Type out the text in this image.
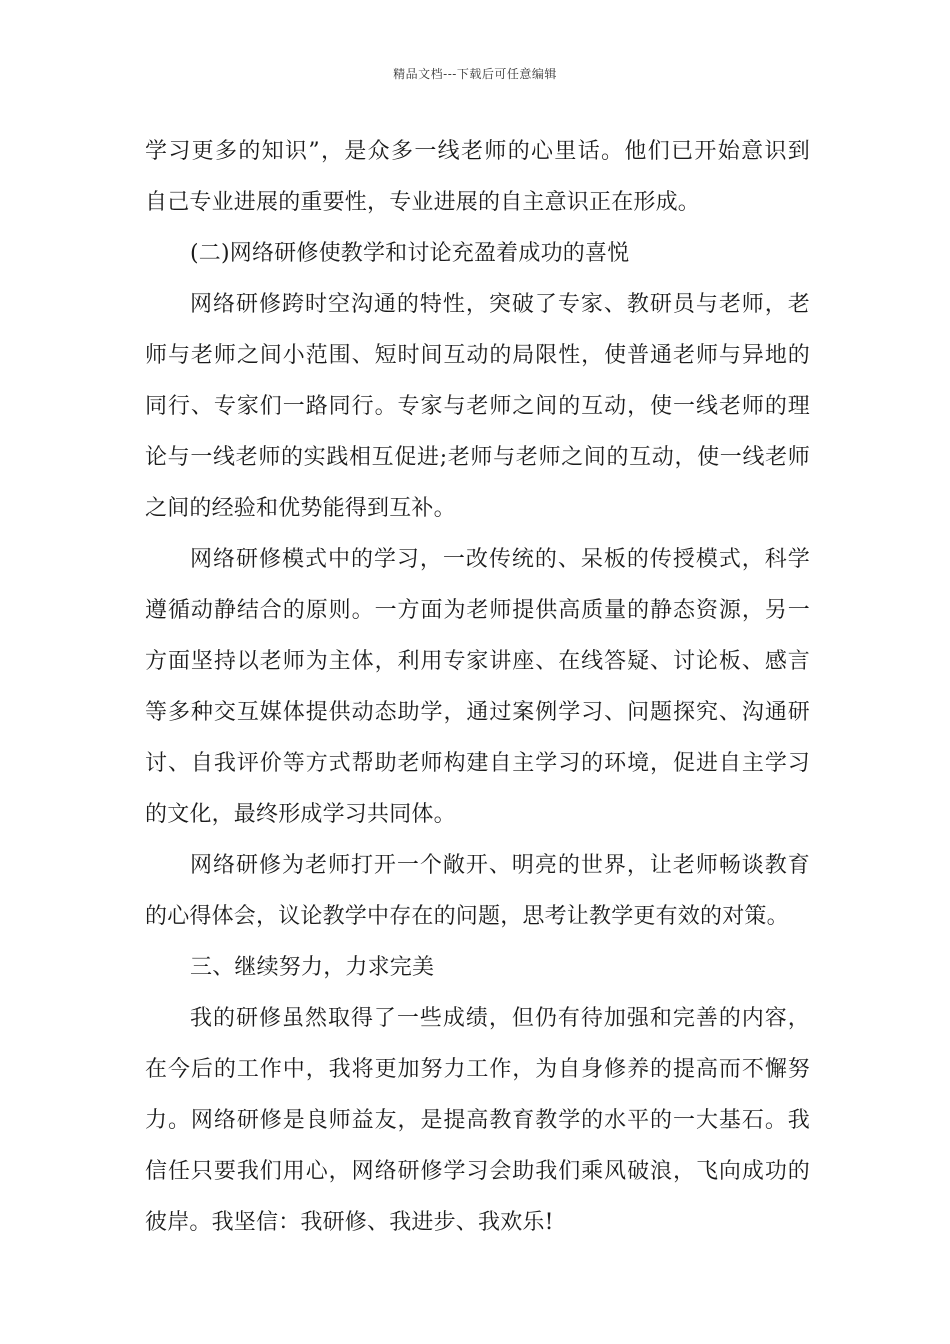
精品文档---下载后可任意编辑
学习更多的知识”，是众多一线老师的心里话。他们已开始意识到
自己专业进展的重要性，专业进展的自主意识正在形成。
(二)网络研修使教学和讨论充盈着成功的喜悦
网络研修跨时空沟通的特性，突破了专家、教研员与老师，老
师与老师之间小范围、短时间互动的局限性，使普通老师与异地的
同行、专家们一路同行。专家与老师之间的互动，使一线老师的理
论与一线老师的实践相互促进;老师与老师之间的互动，使一线老师
之间的经验和优势能得到互补。
网络研修模式中的学习，一改传统的、呆板的传授模式，科学
遵循动静结合的原则。一方面为老师提供高质量的静态资源，另一
方面坚持以老师为主体，利用专家讲座、在线答疑、讨论板、感言
等多种交互媒体提供动态助学，通过案例学习、问题探究、沟通研
讨、自我评价等方式帮助老师构建自主学习的环境，促进自主学习
的文化，最终形成学习共同体。
网络研修为老师打开一个敞开、明亮的世界，让老师畅谈教育
的心得体会，议论教学中存在的问题，思考让教学更有效的对策。
三、继续努力，力求完美
我的研修虽然取得了一些成绩，但仍有待加强和完善的内容，
在今后的工作中，我将更加努力工作，为自身修养的提高而不懈努
力。网络研修是良师益友，是提高教育教学的水平的一大基石。我
信任只要我们用心，网络研修学习会助我们乘风破浪，飞向成功的
彼岸。我坚信：我研修、我进步、我欢乐!
